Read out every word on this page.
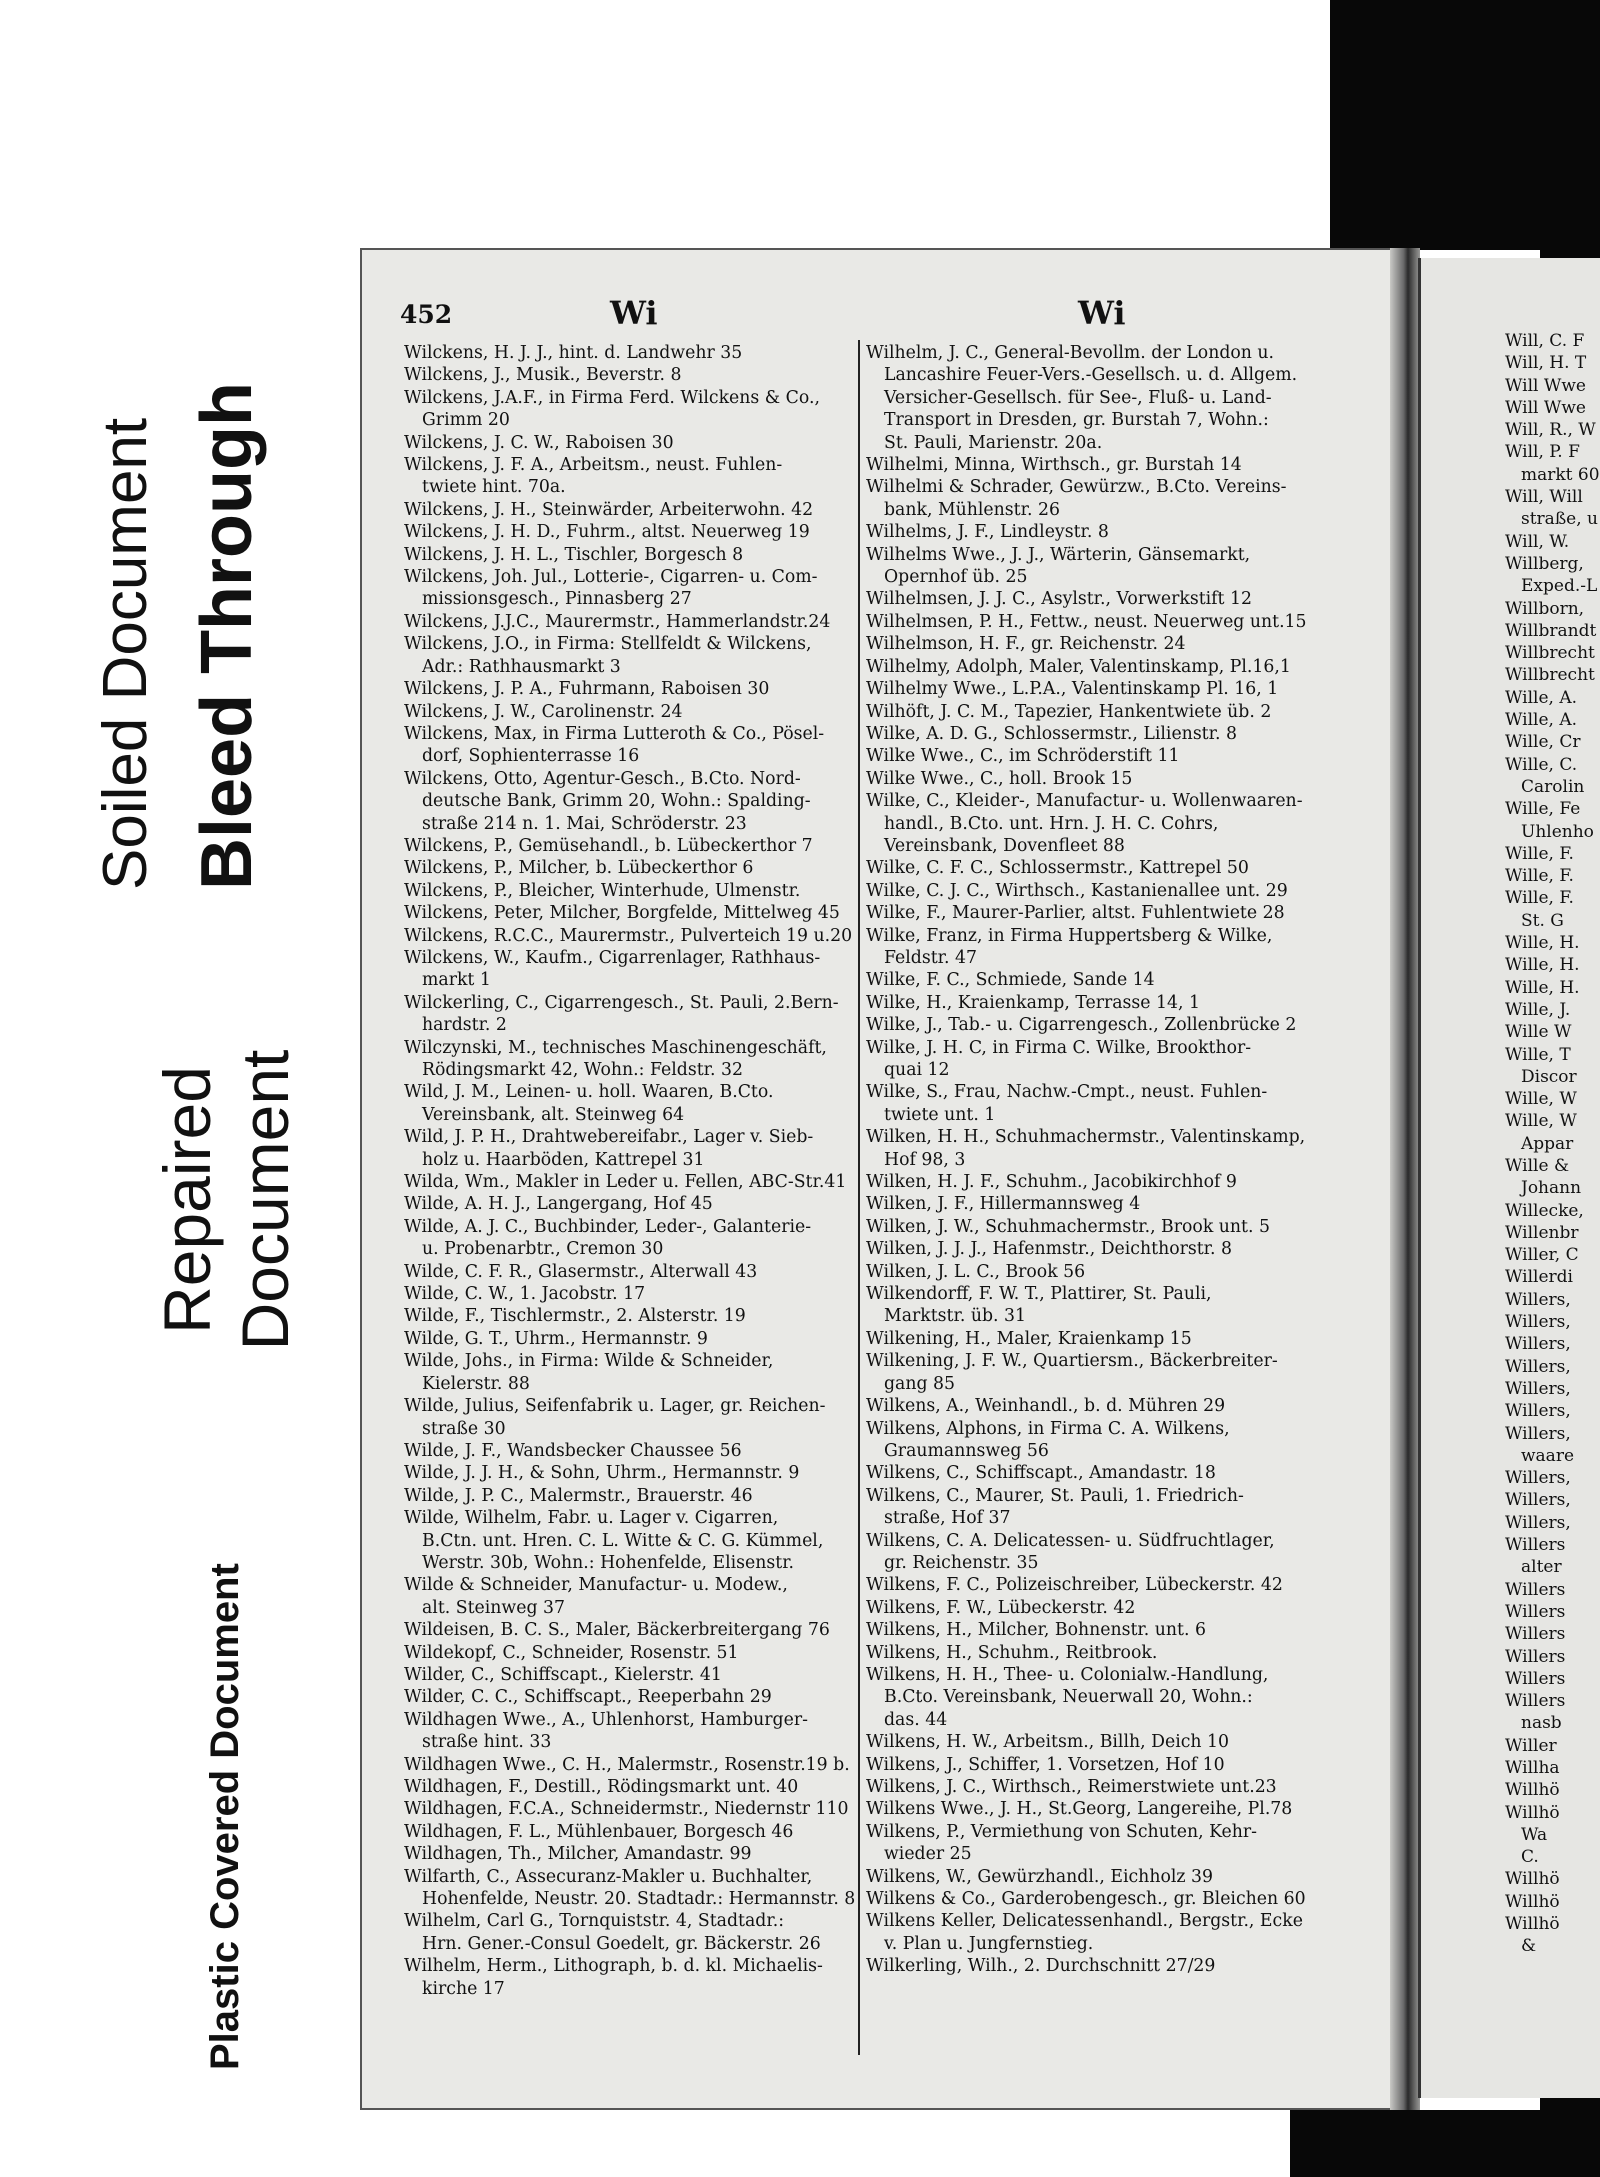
Soiled Document Bleed Through
Repaired Document
Plastic Covered Document
452	Wi	Wi
Wilckens, H. J. J., hint. d. Landwehr 35
Wilckens, J., Musik., Beverstr. 8
Wilckens, J.A.F., in Firma Ferd. Wilckens & Co.,
Grimm 20
Wilckens, J. C. W., Raboisen 30
Wilckens, J. F. A., Arbeitsm., neust. Fuhlen-
twiete hint. 70a.
Wilckens, J. H., Steinwärder, Arbeiterwohn. 42
Wilckens, J. H. D., Fuhrm., altst. Neuerweg 19
Wilckens, J. H. L., Tischler, Borgesch 8
Wilckens, Joh. Jul., Lotterie-, Cigarren- u. Com-
missionsgesch., Pinnasberg 27
Wilckens, J.J.C., Maurermstr., Hammerlandstr.24
Wilckens, J.O., in Firma: Stellfeldt & Wilckens,
Adr.: Rathhausmarkt 3
Wilckens, J. P. A., Fuhrmann, Raboisen 30
Wilckens, J. W., Carolinenstr. 24
Wilckens, Max, in Firma Lutteroth & Co., Pösel-
dorf, Sophienterrasse 16
Wilckens, Otto, Agentur-Gesch., B.Cto. Nord-
deutsche Bank, Grimm 20, Wohn.: Spalding-
straße 214 n. 1. Mai, Schröderstr. 23
Wilckens, P., Gemüsehandl., b. Lübeckerthor 7
Wilckens, P., Milcher, b. Lübeckerthor 6
Wilckens, P., Bleicher, Winterhude, Ulmenstr.
Wilckens, Peter, Milcher, Borgfelde, Mittelweg 45
Wilckens, R.C.C., Maurermstr., Pulverteich 19 u.20
Wilckens, W., Kaufm., Cigarrenlager, Rathhaus-
markt 1
Wilckerling, C., Cigarrengesch., St. Pauli, 2.Bern-
hardstr. 2
Wilczynski, M., technisches Maschinengeschäft,
Rödingsmarkt 42, Wohn.: Feldstr. 32
Wild, J. M., Leinen- u. holl. Waaren, B.Cto.
Vereinsbank, alt. Steinweg 64
Wild, J. P. H., Drahtwebereifabr., Lager v. Sieb-
holz u. Haarböden, Kattrepel 31
Wilda, Wm., Makler in Leder u. Fellen, ABC-Str.41
Wilde, A. H. J., Langergang, Hof 45
Wilde, A. J. C., Buchbinder, Leder-, Galanterie-
u. Probenarbtr., Cremon 30
Wilde, C. F. R., Glasermstr., Alterwall 43
Wilde, C. W., 1. Jacobstr. 17
Wilde, F., Tischlermstr., 2. Alsterstr. 19
Wilde, G. T., Uhrm., Hermannstr. 9
Wilde, Johs., in Firma: Wilde & Schneider,
Kielerstr. 88
Wilde, Julius, Seifenfabrik u. Lager, gr. Reichen-
straße 30
Wilde, J. F., Wandsbecker Chaussee 56
Wilde, J. J. H., & Sohn, Uhrm., Hermannstr. 9
Wilde, J. P. C., Malermstr., Brauerstr. 46
Wilde, Wilhelm, Fabr. u. Lager v. Cigarren,
B.Ctn. unt. Hren. C. L. Witte & C. G. Kümmel,
Werstr. 30b, Wohn.: Hohenfelde, Elisenstr.
Wilde & Schneider, Manufactur- u. Modew.,
alt. Steinweg 37
Wildeisen, B. C. S., Maler, Bäckerbreitergang 76
Wildekopf, C., Schneider, Rosenstr. 51
Wilder, C., Schiffscapt., Kielerstr. 41
Wilder, C. C., Schiffscapt., Reeperbahn 29
Wildhagen Wwe., A., Uhlenhorst, Hamburger-
straße hint. 33
Wildhagen Wwe., C. H., Malermstr., Rosenstr.19 b.
Wildhagen, F., Destill., Rödingsmarkt unt. 40
Wildhagen, F.C.A., Schneidermstr., Niedernstr 110
Wildhagen, F. L., Mühlenbauer, Borgesch 46
Wildhagen, Th., Milcher, Amandastr. 99
Wilfarth, C., Assecuranz-Makler u. Buchhalter,
Hohenfelde, Neustr. 20. Stadtadr.: Hermannstr. 8
Wilhelm, Carl G., Tornquiststr. 4, Stadtadr.:
Hrn. Gener.-Consul Goedelt, gr. Bäckerstr. 26
Wilhelm, Herm., Lithograph, b. d. kl. Michaelis-
kirche 17
Wilhelm, J. C., General-Bevollm. der London u.
Lancashire Feuer-Vers.-Gesellsch. u. d. Allgem.
Versicher-Gesellsch. für See-, Fluß- u. Land-
Transport in Dresden, gr. Burstah 7, Wohn.:
St. Pauli, Marienstr. 20a.
Wilhelmi, Minna, Wirthsch., gr. Burstah 14
Wilhelmi & Schrader, Gewürzw., B.Cto. Vereins-
bank, Mühlenstr. 26
Wilhelms, J. F., Lindleystr. 8
Wilhelms Wwe., J. J., Wärterin, Gänsemarkt,
Opernhof üb. 25
Wilhelmsen, J. J. C., Asylstr., Vorwerkstift 12
Wilhelmsen, P. H., Fettw., neust. Neuerweg unt.15
Wilhelmson, H. F., gr. Reichenstr. 24
Wilhelmy, Adolph, Maler, Valentinskamp, Pl.16,1
Wilhelmy Wwe., L.P.A., Valentinskamp Pl. 16, 1
Wilhöft, J. C. M., Tapezier, Hankentwiete üb. 2
Wilke, A. D. G., Schlossermstr., Lilienstr. 8
Wilke Wwe., C., im Schröderstift 11
Wilke Wwe., C., holl. Brook 15
Wilke, C., Kleider-, Manufactur- u. Wollenwaaren-
handl., B.Cto. unt. Hrn. J. H. C. Cohrs,
Vereinsbank, Dovenfleet 88
Wilke, C. F. C., Schlossermstr., Kattrepel 50
Wilke, C. J. C., Wirthsch., Kastanienallee unt. 29
Wilke, F., Maurer-Parlier, altst. Fuhlentwiete 28
Wilke, Franz, in Firma Huppertsberg & Wilke,
Feldstr. 47
Wilke, F. C., Schmiede, Sande 14
Wilke, H., Kraienkamp, Terrasse 14, 1
Wilke, J., Tab.- u. Cigarrengesch., Zollenbrücke 2
Wilke, J. H. C, in Firma C. Wilke, Brookthor-
quai 12
Wilke, S., Frau, Nachw.-Cmpt., neust. Fuhlen-
twiete unt. 1
Wilken, H. H., Schuhmachermstr., Valentinskamp,
Hof 98, 3
Wilken, H. J. F., Schuhm., Jacobikirchhof 9
Wilken, J. F., Hillermannsweg 4
Wilken, J. W., Schuhmachermstr., Brook unt. 5
Wilken, J. J. J., Hafenmstr., Deichthorstr. 8
Wilken, J. L. C., Brook 56
Wilkendorff, F. W. T., Plattirer, St. Pauli,
Marktstr. üb. 31
Wilkening, H., Maler, Kraienkamp 15
Wilkening, J. F. W., Quartiersm., Bäckerbreiter-
gang 85
Wilkens, A., Weinhandl., b. d. Mühren 29
Wilkens, Alphons, in Firma C. A. Wilkens,
Graumannsweg 56
Wilkens, C., Schiffscapt., Amandastr. 18
Wilkens, C., Maurer, St. Pauli, 1. Friedrich-
straße, Hof 37
Wilkens, C. A. Delicatessen- u. Südfruchtlager,
gr. Reichenstr. 35
Wilkens, F. C., Polizeischreiber, Lübeckerstr. 42
Wilkens, F. W., Lübeckerstr. 42
Wilkens, H., Milcher, Bohnenstr. unt. 6
Wilkens, H., Schuhm., Reitbrook.
Wilkens, H. H., Thee- u. Colonialw.-Handlung,
B.Cto. Vereinsbank, Neuerwall 20, Wohn.:
das. 44
Wilkens, H. W., Arbeitsm., Billh, Deich 10
Wilkens, J., Schiffer, 1. Vorsetzen, Hof 10
Wilkens, J. C., Wirthsch., Reimerstwiete unt.23
Wilkens Wwe., J. H., St.Georg, Langereihe, Pl.78
Wilkens, P., Vermiethung von Schuten, Kehr-
wieder 25
Wilkens, W., Gewürzhandl., Eichholz 39
Wilkens & Co., Garderobengesch., gr. Bleichen 60
Wilkens Keller, Delicatessenhandl., Bergstr., Ecke
v. Plan u. Jungfernstieg.
Wilkerling, Wilh., 2. Durchschnitt 27/29
Will, C. F
Will, H. T
Will Wwe
Will Wwe
Will, R., W
Will, P. F
markt 60
Will, Will
straße, u
Will, W.
Willberg,
Exped.-L
Willborn,
Willbrandt
Willbrecht
Willbrecht
Wille, A.
Wille, A.
Wille, Cr
Wille, C.
Carolin
Wille, Fe
Uhlenho
Wille, F.
Wille, F.
Wille, F.
St. G
Wille, H.
Wille, H.
Wille, H.
Wille, J.
Wille W
Wille, T
Discor
Wille, W
Wille, W
Appar
Wille &
Johann
Willecke,
Willenbr
Willer, C
Willerdi
Willers,
Willers,
Willers,
Willers,
Willers,
Willers,
Willers,
waare
Willers,
Willers,
Willers,
Willers
alter
Willers
Willers
Willers
Willers
Willers
Willers
nasb
Willer
Willha
Willhö
Willhö
Wa
C.
Willhö
Willhö
Willhö
&
